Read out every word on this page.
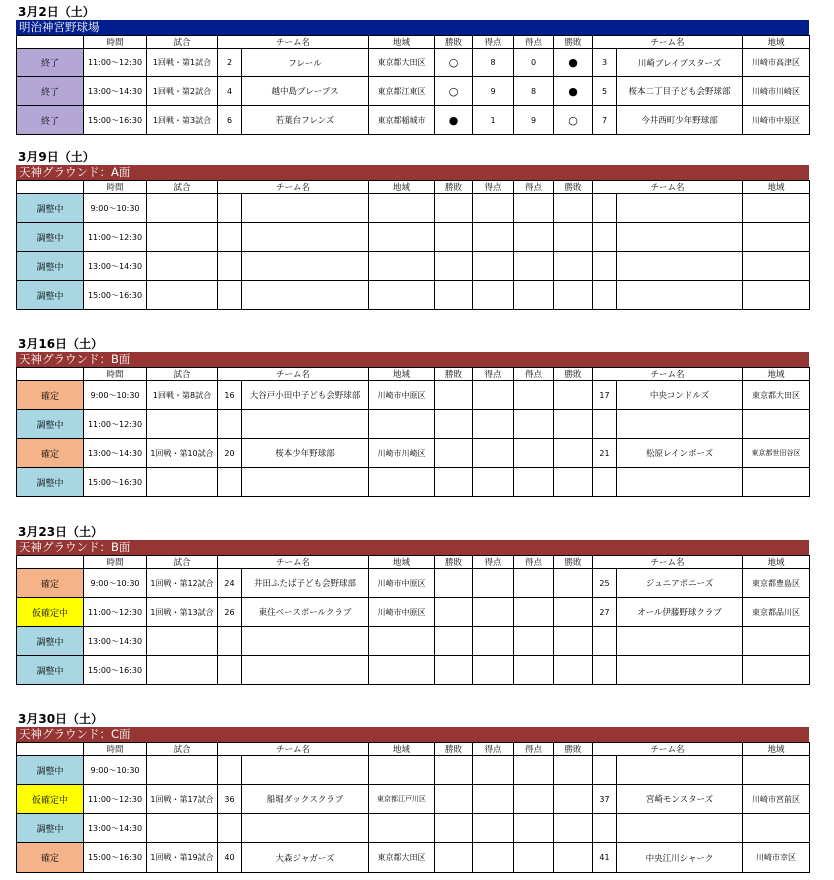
3月2日（土）
明治神宮野球場
	時間	試合	チーム名		地域	勝敗	得点	得点	勝敗	チーム名		地域
終了	11:00〜12:30	1回戦・第1試合	2	フレール	東京都大田区	○	8	0	●	3	川崎ブレイブスターズ	川崎市高津区
終了	13:00〜14:30	1回戦・第2試合	4	越中島ブレーブス	東京都江東区	○	9	8	●	5	桜本二丁目子ども会野球部	川崎市川崎区
終了	15:00〜16:30	1回戦・第3試合	6	若葉台フレンズ	東京都稲城市	●	1	9	○	7	今井西町少年野球部	川崎市中原区
3月9日（土）
天神グラウンド：A面
	時間	試合	チーム名		地域	勝敗	得点	得点	勝敗	チーム名		地域
調整中	9:00〜10:30											
調整中	11:00〜12:30											
調整中	13:00〜14:30											
調整中	15:00〜16:30											
3月16日（土）
天神グラウンド：B面
	時間	試合	チーム名		地域	勝敗	得点	得点	勝敗	チーム名		地域
確定	9:00〜10:30	1回戦・第8試合	16	大谷戸小田中子ども会野球部	川崎市中原区					17	中央コンドルズ	東京都大田区
調整中	11:00〜12:30											
確定	13:00〜14:30	1回戦・第10試合	20	桜本少年野球部	川崎市川崎区					21	松原レインボーズ	東京都世田谷区
調整中	15:00〜16:30											
3月23日（土）
天神グラウンド：B面
	時間	試合	チーム名		地域	勝敗	得点	得点	勝敗	チーム名		地域
確定	9:00〜10:30	1回戦・第12試合	24	井田ふたば子ども会野球部	川崎市中原区					25	ジュニアポニーズ	東京都豊島区
仮確定中	11:00〜12:30	1回戦・第13試合	26	東住ベースボールクラブ	川崎市中原区					27	オール伊藤野球クラブ	東京都品川区
調整中	13:00〜14:30											
調整中	15:00〜16:30											
3月30日（土）
天神グラウンド：C面
	時間	試合	チーム名		地域	勝敗	得点	得点	勝敗	チーム名		地域
調整中	9:00〜10:30											
仮確定中	11:00〜12:30	1回戦・第17試合	36	船堀ダックスクラブ	東京都江戸川区					37	宮崎モンスターズ	川崎市宮前区
調整中	13:00〜14:30											
確定	15:00〜16:30	1回戦・第19試合	40	大森ジャガーズ	東京都大田区					41	中央江川シャーク	川崎市幸区
